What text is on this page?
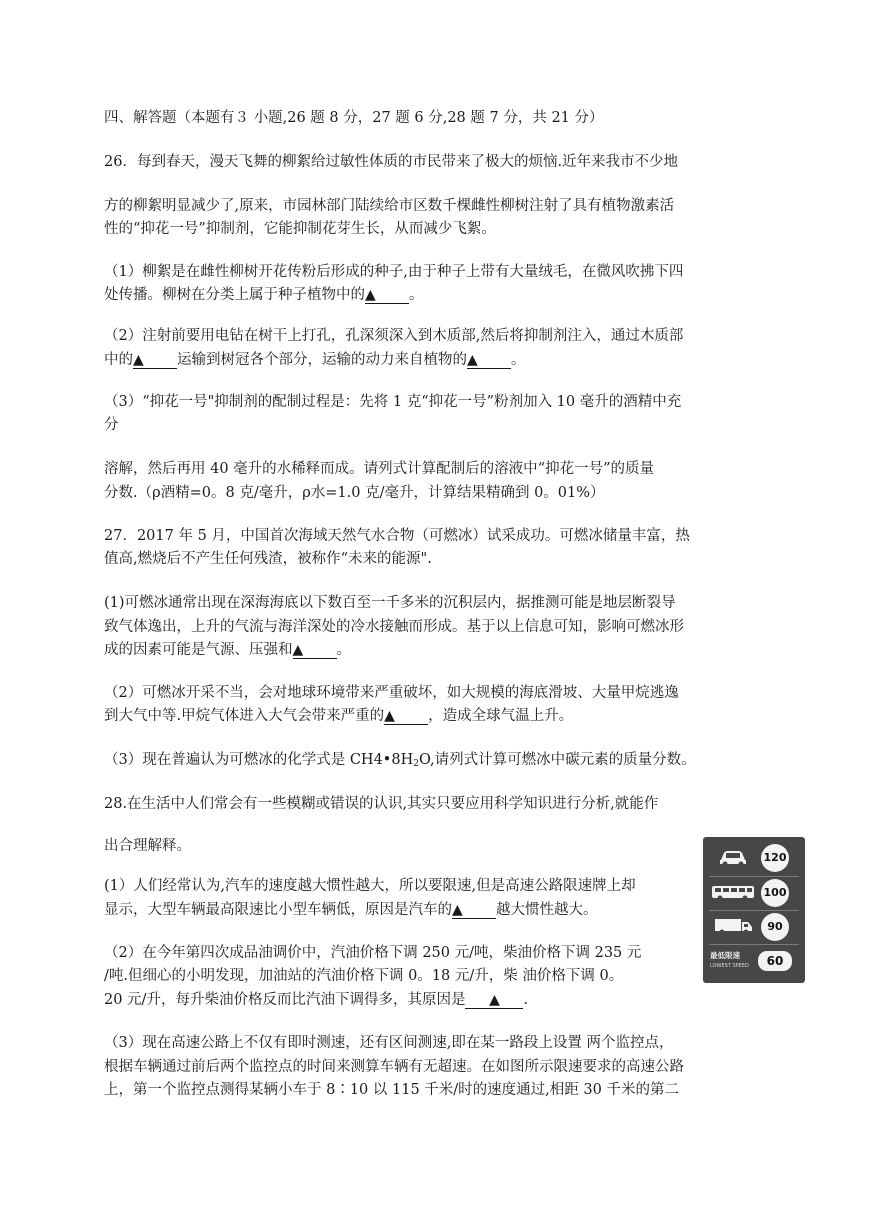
四、解答题（本题有３ 小题,26 题 8 分，27 题 6 分,28 题 7 分，共 21 分）
26．每到春天，漫天飞舞的柳絮给过敏性体质的市民带来了极大的烦恼.近年来我市不少地
方的柳絮明显减少了,原来，市园林部门陆续给市区数千棵雌性柳树注射了具有植物激素活
性的“抑花一号”抑制剂，它能抑制花芽生长，从而减少飞絮。
（1）柳絮是在雌性柳树开花传粉后形成的种子,由于种子上带有大量绒毛，在微风吹拂下四
处传播。柳树在分类上属于种子植物中的▲ 。
（2）注射前要用电钻在树干上打孔，孔深须深入到木质部,然后将抑制剂注入，通过木质部
中的▲ 运输到树冠各个部分，运输的动力来自植物的▲ 。
（3）“抑花一号"抑制剂的配制过程是：先将 1 克“抑花一号”粉剂加入 10 毫升的酒精中充
分
溶解，然后再用 40 毫升的水稀释而成。请列式计算配制后的溶液中“抑花一号”的质量
分数.（ρ酒精=0。8 克/毫升，ρ水=1.0 克/毫升，计算结果精确到 0。01%）
27．2017 年 5 月，中国首次海域天然气水合物（可燃冰）试采成功。可燃冰储量丰富，热
值高,燃烧后不产生任何残渣，被称作“未来的能源".
(1)可燃冰通常出现在深海海底以下数百至一千多米的沉积层内，据推测可能是地层断裂导
致气体逸出，上升的气流与海洋深处的冷水接触而形成。基于以上信息可知，影响可燃冰形
成的因素可能是气源、压强和▲ 。
（2）可燃冰开采不当，会对地球环境带来严重破坏，如大规模的海底滑坡、大量甲烷逃逸
到大气中等.甲烷气体进入大气会带来严重的▲ ，造成全球气温上升。
（3）现在普遍认为可燃冰的化学式是 $CH4•8H_2O$,请列式计算可燃冰中碳元素的质量分数。
28.在生活中人们常会有一些模糊或错误的认识,其实只要应用科学知识进行分析,就能作
出合理解释。
(1）人们经常认为,汽车的速度越大惯性越大，所以要限速,但是高速公路限速牌上却
显示，大型车辆最高限速比小型车辆低，原因是汽车的▲ 越大惯性越大。
（2）在今年第四次成品油调价中，汽油价格下调 250 元/吨，柴油价格下调 235 元
/吨.但细心的小明发现，加油站的汽油价格下调 0。18 元/升，柴 油价格下调 0。
20 元/升，每升柴油价格反而比汽油下调得多，其原因是 ▲ .
（3）现在高速公路上不仅有即时测速，还有区间测速,即在某一路段上设置 两个监控点，
根据车辆通过前后两个监控点的时间来测算车辆有无超速。在如图所示限速要求的高速公路
上，第一个监控点测得某辆小车于 8∶10 以 115 千米/时的速度通过,相距 30 千米的第二
120
100
90
最低限速
LOWEST SPEED	60
